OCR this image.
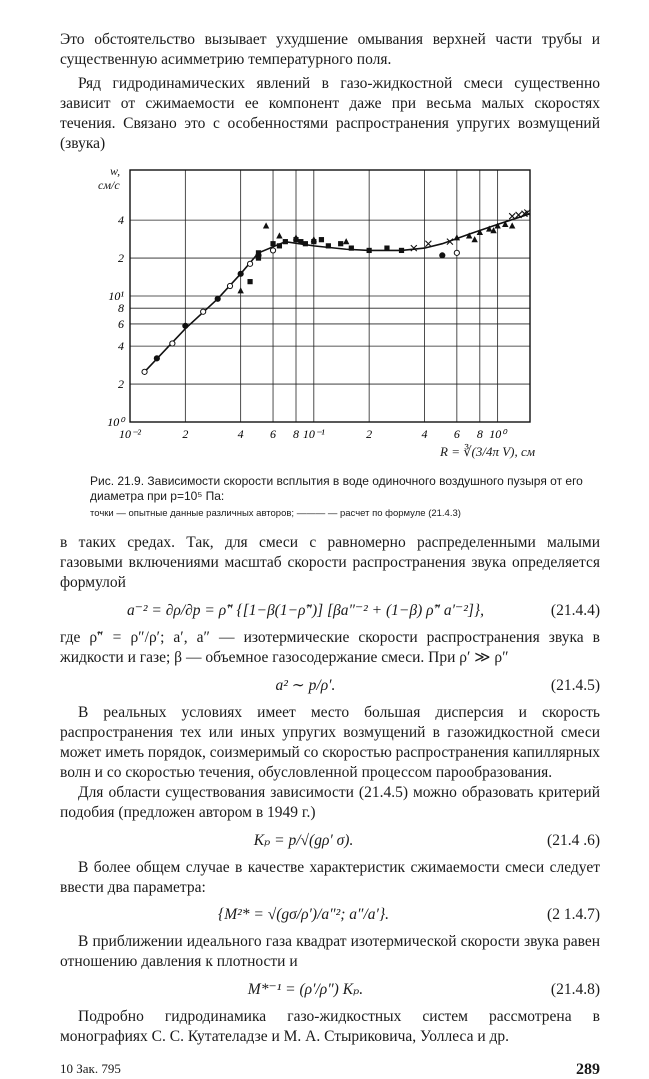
Это обстоятельство вызывает ухудшение омывания верхней части трубы и существенную асимметрию температурного поля.

Ряд гидродинамических явлений в газо-жидкостной смеси существенно зависит от сжимаемости ее компонент даже при весьма малых скоростях течения. Связано это с особенностями распространения упругих возмущений (звука)

10⁻²	2	4 6 8 10⁻¹	2	4 6 8 10⁰
10⁰
2
4
6
8
10¹
2
4
w,
см/с
R = ∛(3/4π V), см
Рис. 21.9. Зависимости скорости всплытия в воде одиночного воздушного пузыря от его диаметра при p=10⁵ Па:
точки — опытные данные различных авторов; ——— — расчет по формуле (21.4.3)

в таких средах. Так, для смеси с равномерно распределенными малыми газовыми включениями масштаб скорости распространения звука определяется формулой

a⁻² = ∂ρ/∂p = ρ̃″ {[1−β(1−ρ̃″)] [βa″⁻² + (1−β) ρ̃″ a′⁻²]},	(21.4.4)

где ρ̃″ = ρ″/ρ′; a′, a″ — изотермические скорости распространения звука в жидкости и газе; β — объемное газосодержание смеси. При ρ′ ≫ ρ″

a² ∼ p/ρ′.	(21.4.5)

В реальных условиях имеет место большая дисперсия и скорость распространения тех или иных упругих возмущений в газожидкостной смеси может иметь порядок, соизмеримый со скоростью распространения капиллярных волн и со скоростью течения, обусловленной процессом парообразования.

Для области существования зависимости (21.4.5) можно образовать критерий подобия (предложен автором в 1949 г.)

Kₚ = p/√(gρ′ σ).	(21.4 .6)

В более общем случае в качестве характеристик сжимаемости смеси следует ввести два параметра:

{M²* = √(gσ/ρ′)/a″²; a″/a′}.	(2 1.4.7)

В приближении идеального газа квадрат изотермической скорости звука равен отношению давления к плотности и

M*⁻¹ = (ρ′/ρ″) Kₚ.	(21.4.8)

Подробно гидродинамика газо-жидкостных систем рассмотрена в монографиях С. С. Кутателадзе и М. А. Стыриковича, Уоллеса и др.

10 Зак. 795	289
